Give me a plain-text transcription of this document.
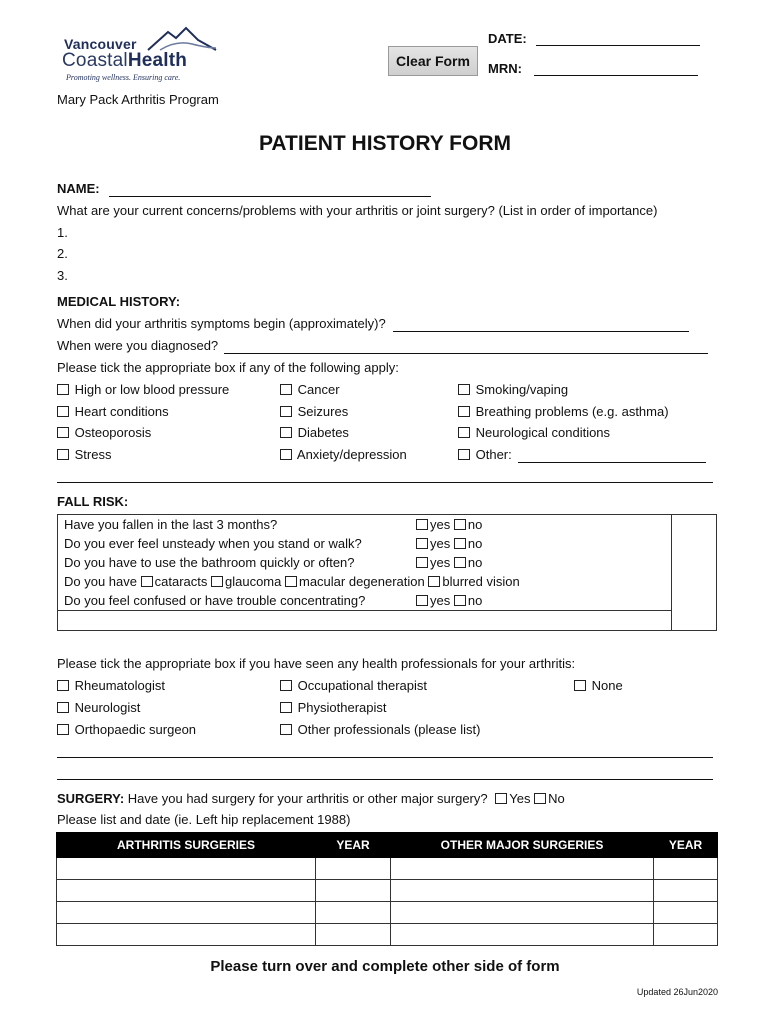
Vancouver
CoastalHealth
Promoting wellness. Ensuring care.
Mary Pack Arthritis Program
Clear Form
DATE:
MRN:
PATIENT HISTORY FORM
NAME:
What are your current concerns/problems with your arthritis or joint surgery? (List in order of importance)
1.
2.
3.
MEDICAL HISTORY:
When did your arthritis symptoms begin (approximately)?
When were you diagnosed?
Please tick the appropriate box if any of the following apply:
High or low blood pressure
Heart conditions
Osteoporosis
Stress
Cancer
Seizures
Diabetes
Anxiety/depression
Smoking/vaping
Breathing problems (e.g. asthma)
Neurological conditions
Other:
FALL RISK:
Have you fallen in the last 3 months?	yes no	
Do you ever feel unsteady when you stand or walk?	yes no
Do you have to use the bathroom quickly or often?	yes no
Do you have cataracts glaucoma macular degeneration blurred vision
Do you feel confused or have trouble concentrating?	yes no

Please tick the appropriate box if you have seen any health professionals for your arthritis:
Rheumatologist
Neurologist
Orthopaedic surgeon
Occupational therapist
Physiotherapist
Other professionals (please list)
None
SURGERY: Have you had surgery for your arthritis or other major surgery? Yes No
Please list and date (ie. Left hip replacement 1988)
ARTHRITIS SURGERIES	YEAR	OTHER MAJOR SURGERIES	YEAR

Please turn over and complete other side of form
Updated 26Jun2020
